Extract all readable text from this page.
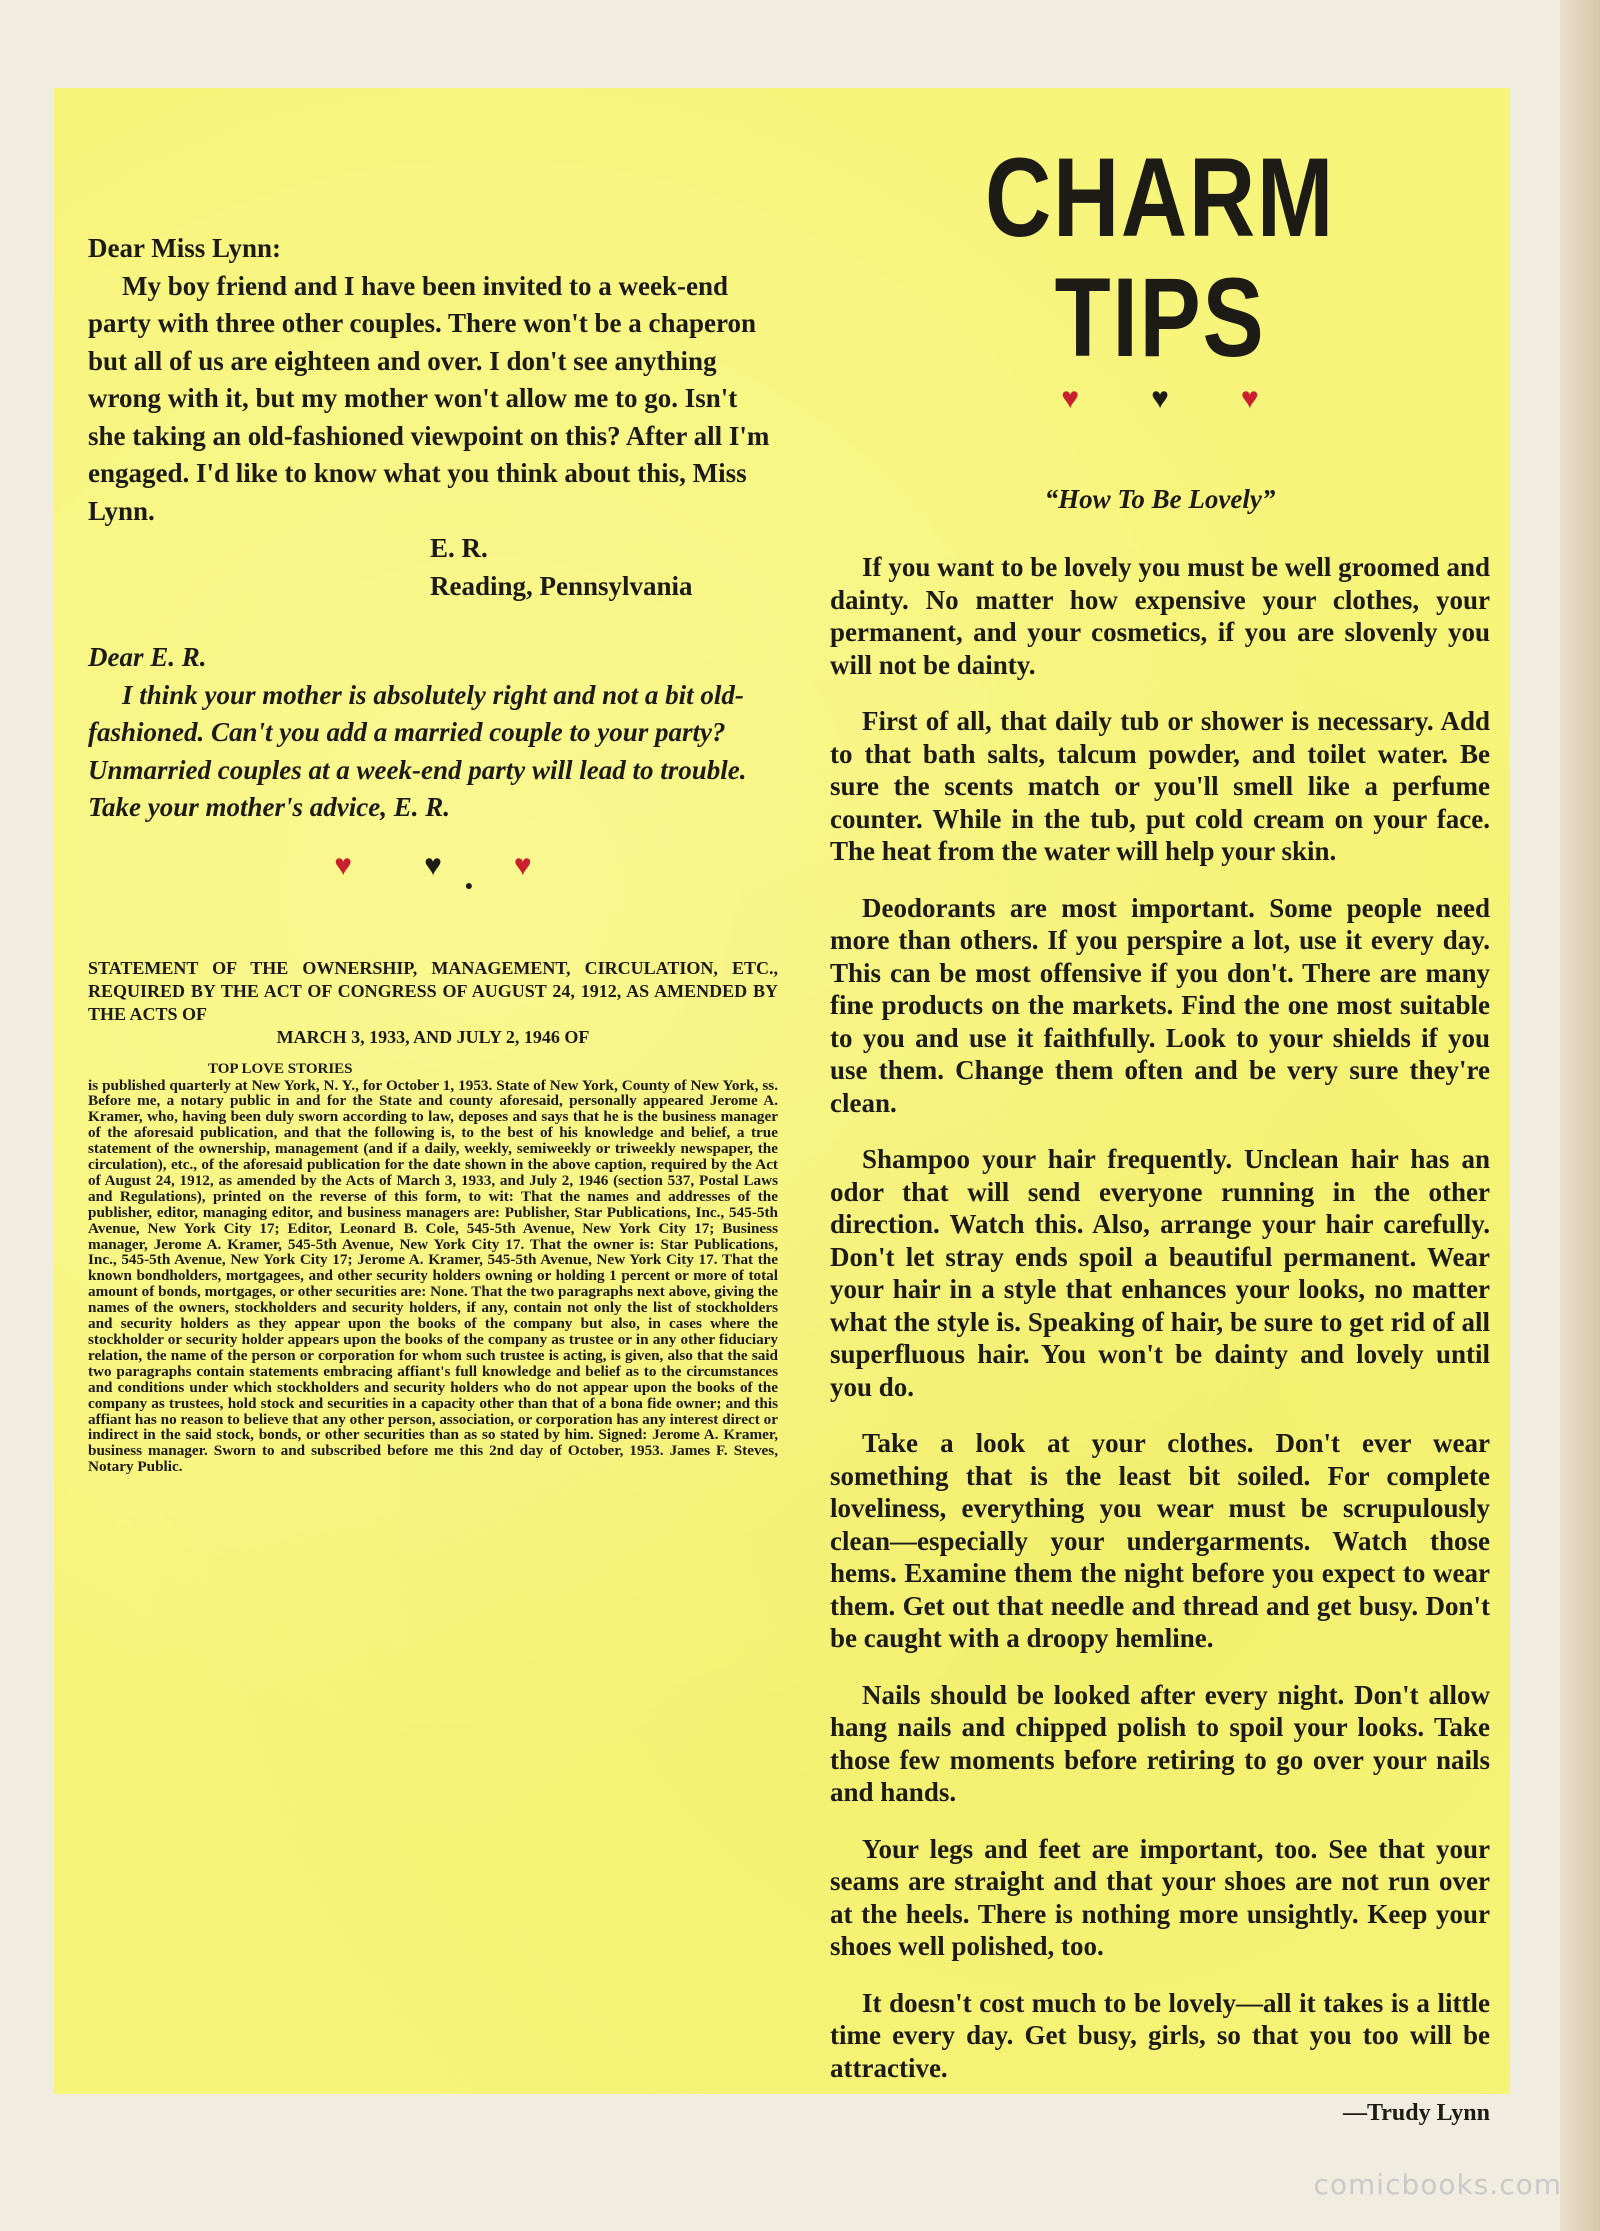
Dear Miss Lynn:

My boy friend and I have been invited to a week-end party with three other couples. There won't be a chaperon but all of us are eighteen and over. I don't see anything wrong with it, but my mother won't allow me to go. Isn't she taking an old-fashioned viewpoint on this? After all I'm engaged. I'd like to know what you think about this, Miss Lynn.

E. R.

Reading, Pennsylvania

Dear E. R.

I think your mother is absolutely right and not a bit old-fashioned. Can't you add a married couple to your party? Unmarried couples at a week-end party will lead to trouble. Take your mother's advice, E. R.

♥♥♥
●
STATEMENT OF THE OWNERSHIP, MANAGEMENT, CIRCULATION, ETC., REQUIRED BY THE ACT OF CONGRESS OF AUGUST 24, 1912, AS AMENDED BY THE ACTS OF
MARCH 3, 1933, AND JULY 2, 1946 OF
TOP LOVE STORIES

is published quarterly at New York, N. Y., for October 1, 1953. State of New York, County of New York, ss. Before me, a notary public in and for the State and county aforesaid, personally appeared Jerome A. Kramer, who, having been duly sworn according to law, deposes and says that he is the business manager of the aforesaid publication, and that the following is, to the best of his knowledge and belief, a true statement of the ownership, management (and if a daily, weekly, semiweekly or triweekly newspaper, the circulation), etc., of the aforesaid publication for the date shown in the above caption, required by the Act of August 24, 1912, as amended by the Acts of March 3, 1933, and July 2, 1946 (section 537, Postal Laws and Regulations), printed on the reverse of this form, to wit: That the names and addresses of the publisher, editor, managing editor, and business managers are: Publisher, Star Publications, Inc., 545-5th Avenue, New York City 17; Editor, Leonard B. Cole, 545-5th Avenue, New York City 17; Business manager, Jerome A. Kramer, 545-5th Avenue, New York City 17. That the owner is: Star Publications, Inc., 545-5th Avenue, New York City 17; Jerome A. Kramer, 545-5th Avenue, New York City 17. That the known bondholders, mortgagees, and other security holders owning or holding 1 percent or more of total amount of bonds, mortgages, or other securities are: None. That the two paragraphs next above, giving the names of the owners, stockholders and security holders, if any, contain not only the list of stockholders and security holders as they appear upon the books of the company but also, in cases where the stockholder or security holder appears upon the books of the company as trustee or in any other fiduciary relation, the name of the person or corporation for whom such trustee is acting, is given, also that the said two paragraphs contain statements embracing affiant's full knowledge and belief as to the circumstances and conditions under which stockholders and security holders who do not appear upon the books of the company as trustees, hold stock and securities in a capacity other than that of a bona fide owner; and this affiant has no reason to believe that any other person, association, or corporation has any interest direct or indirect in the said stock, bonds, or other securities than as so stated by him. Signed: Jerome A. Kramer, business manager. Sworn to and subscribed before me this 2nd day of October, 1953. James F. Steves, Notary Public.

CHARM TIPS
♥♥♥
“How To Be Lovely”

If you want to be lovely you must be well groomed and dainty. No matter how expensive your clothes, your permanent, and your cosmetics, if you are slovenly you will not be dainty.

First of all, that daily tub or shower is necessary. Add to that bath salts, talcum powder, and toilet water. Be sure the scents match or you'll smell like a perfume counter. While in the tub, put cold cream on your face. The heat from the water will help your skin.

Deodorants are most important. Some people need more than others. If you perspire a lot, use it every day. This can be most offensive if you don't. There are many fine products on the markets. Find the one most suitable to you and use it faithfully. Look to your shields if you use them. Change them often and be very sure they're clean.

Shampoo your hair frequently. Unclean hair has an odor that will send everyone running in the other direction. Watch this. Also, arrange your hair carefully. Don't let stray ends spoil a beautiful permanent. Wear your hair in a style that enhances your looks, no matter what the style is. Speaking of hair, be sure to get rid of all superfluous hair. You won't be dainty and lovely until you do.

Take a look at your clothes. Don't ever wear something that is the least bit soiled. For complete loveliness, everything you wear must be scrupulously clean—especially your undergarments. Watch those hems. Examine them the night before you expect to wear them. Get out that needle and thread and get busy. Don't be caught with a droopy hemline.

Nails should be looked after every night. Don't allow hang nails and chipped polish to spoil your looks. Take those few moments before retiring to go over your nails and hands.

Your legs and feet are important, too. See that your seams are straight and that your shoes are not run over at the heels. There is nothing more unsightly. Keep your shoes well polished, too.

It doesn't cost much to be lovely—all it takes is a little time every day. Get busy, girls, so that you too will be attractive.

—Trudy Lynn
comicbooks.com
